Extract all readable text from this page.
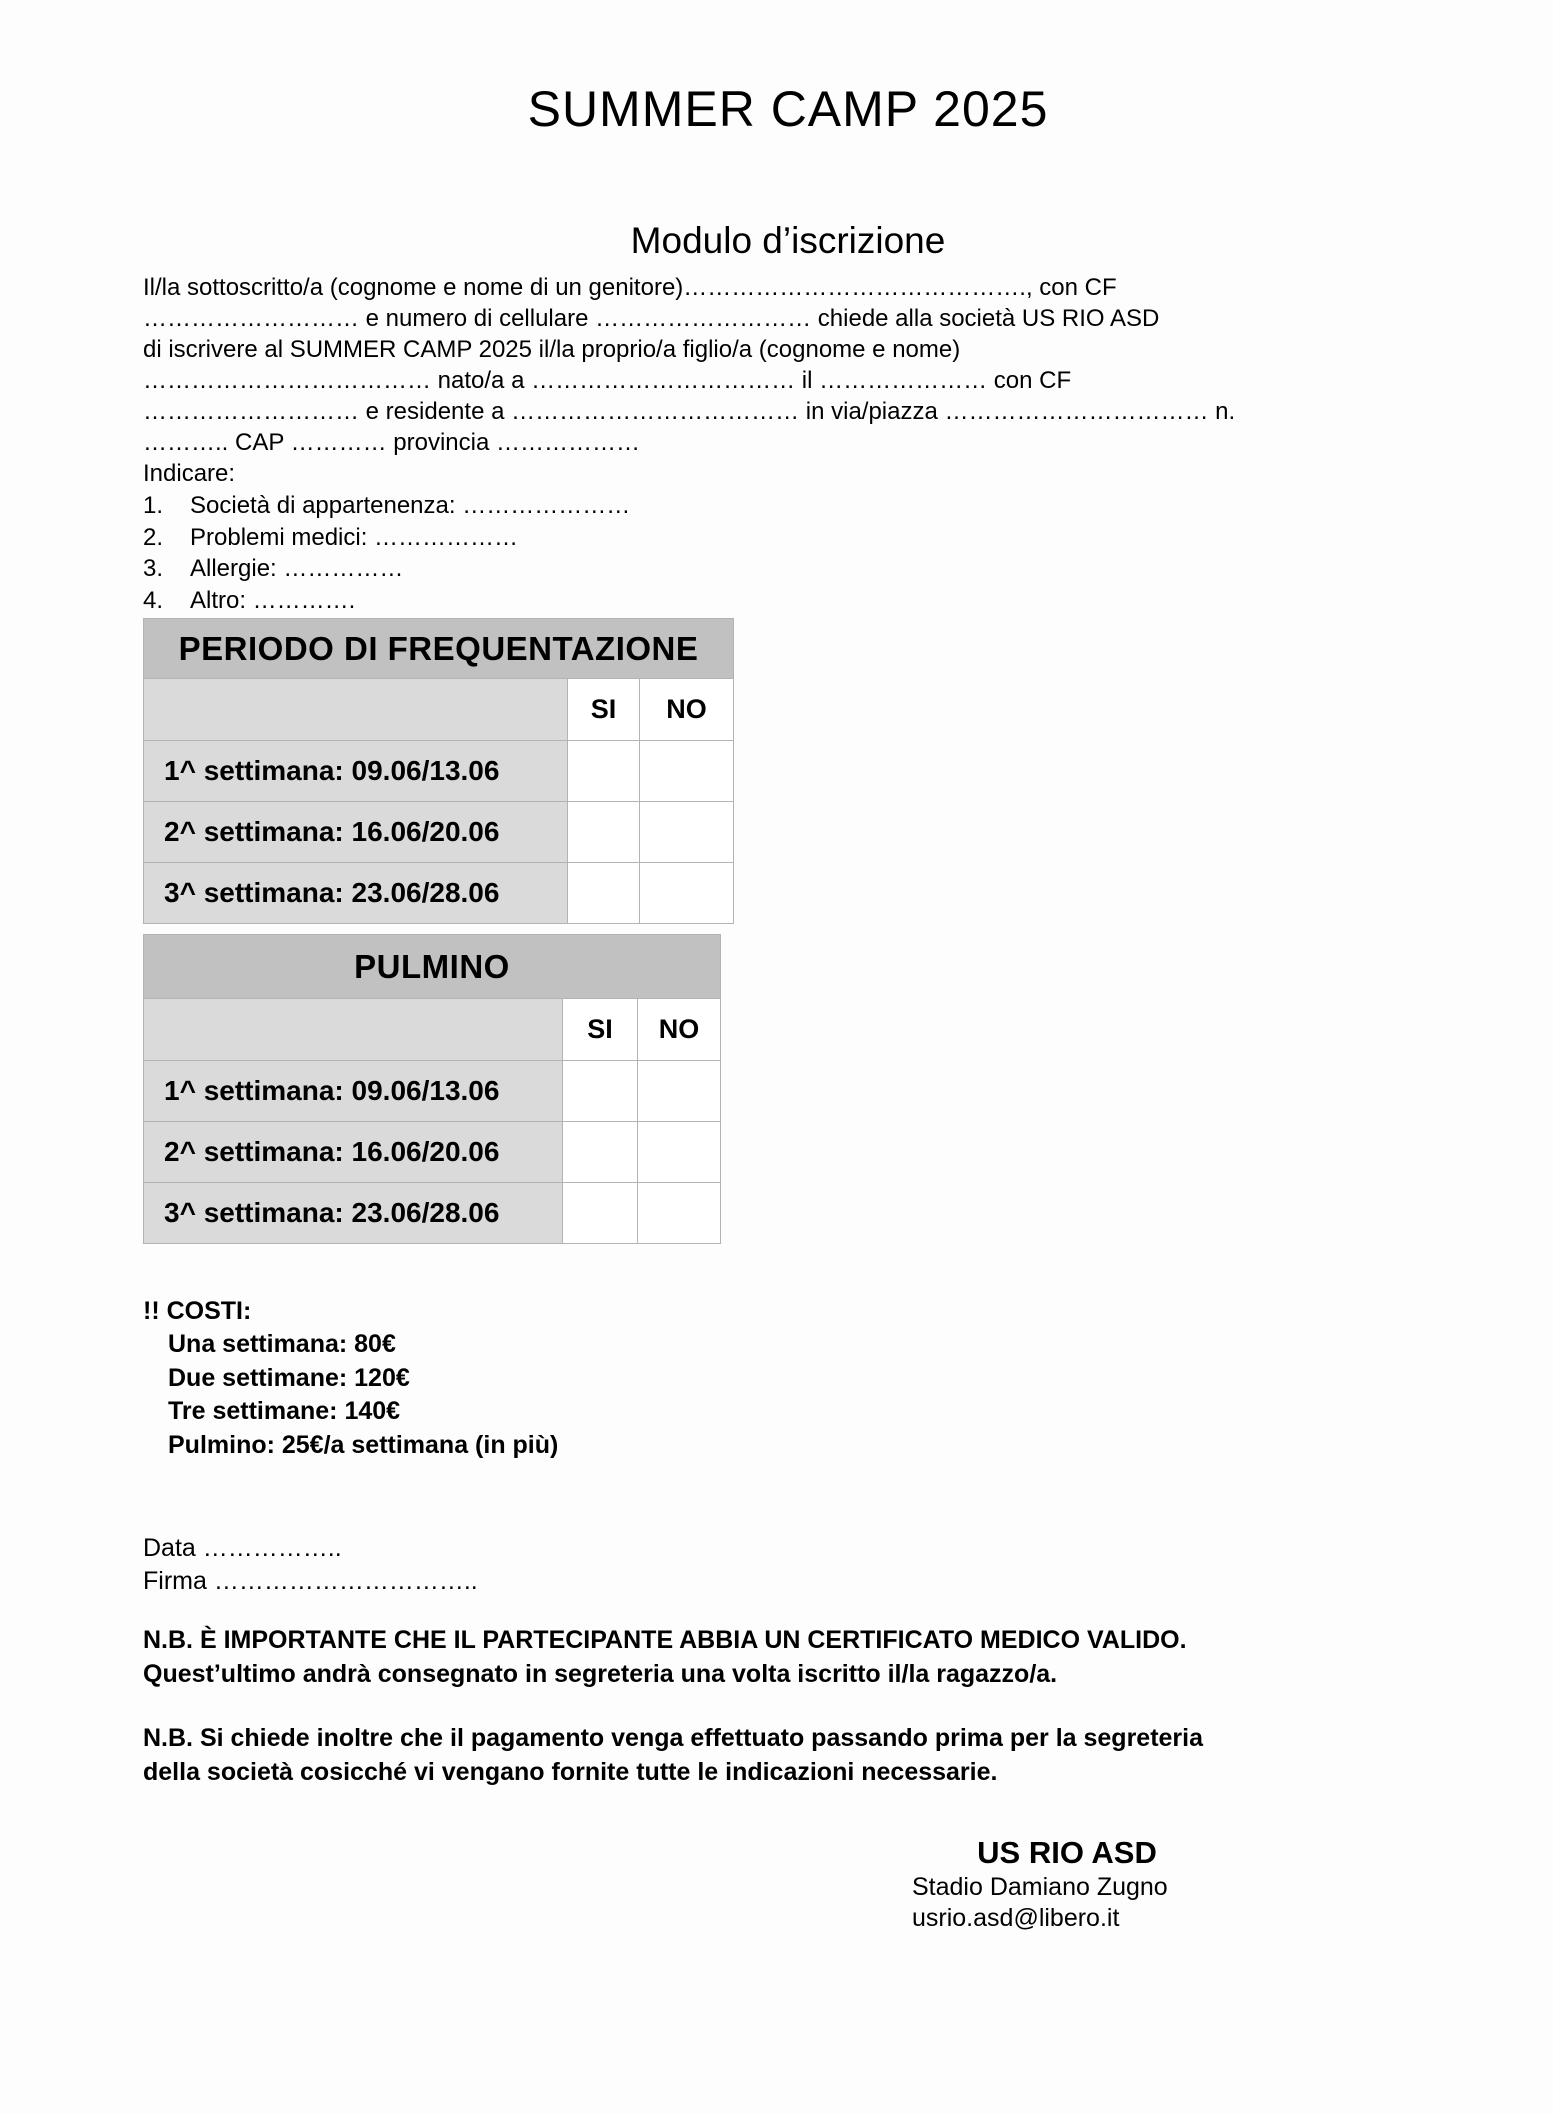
SUMMER CAMP 2025
Modulo d’iscrizione
Il/la sottoscritto/a (cognome e nome di un genitore)……………………………………., con CF
……………………… e numero di cellulare ……………………… chiede alla società US RIO ASD
di iscrivere al SUMMER CAMP 2025 il/la proprio/a figlio/a (cognome e nome)
……………………………… nato/a a …………………………… il ………………… con CF
……………………… e residente a ……………………………… in via/piazza …………………………… n.
……….. CAP ………… provincia ………………
Indicare:
1.	Società di appartenenza: …………………
2.	Problemi medici: ………………
3.	Allergie: ……………
4.	Altro: ………….
PERIODO DI FREQUENTAZIONE		
	SI	NO
1^ settimana: 09.06/13.06		
2^ settimana: 16.06/20.06		
3^ settimana: 23.06/28.06		
PULMINO		
	SI	NO
1^ settimana: 09.06/13.06		
2^ settimana: 16.06/20.06		
3^ settimana: 23.06/28.06		
!! COSTI:
Una settimana: 80€
Due settimane: 120€
Tre settimane: 140€
Pulmino: 25€/a settimana (in più)
Data ……………..
Firma …………………………..
N.B. È IMPORTANTE CHE IL PARTECIPANTE ABBIA UN CERTIFICATO MEDICO VALIDO.
Quest’ultimo andrà consegnato in segreteria una volta iscritto il/la ragazzo/a.
N.B. Si chiede inoltre che il pagamento venga effettuato passando prima per la segreteria
della società cosicché vi vengano fornite tutte le indicazioni necessarie.
US RIO ASD
Stadio Damiano Zugno
usrio.asd@libero.it
